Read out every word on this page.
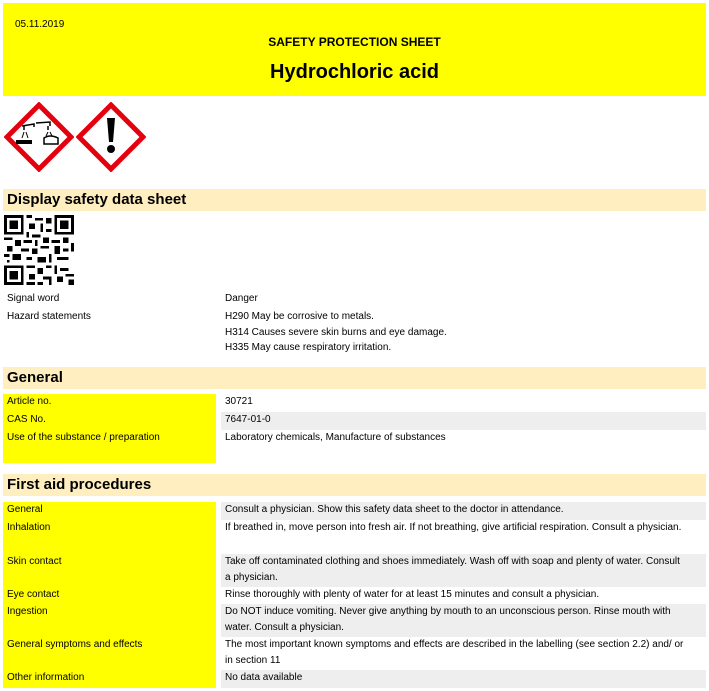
05.11.2019
SAFETY PROTECTION SHEET
Hydrochloric acid
Display safety data sheet
Signal word	Danger
Hazard statements	H290 May be corrosive to metals.
H314 Causes severe skin burns and eye damage.
H335 May cause respiratory irritation.
General
Article no.	30721
CAS No.	7647-01-0
Use of the substance / preparation	Laboratory chemicals, Manufacture of substances
First aid procedures
General	Consult a physician. Show this safety data sheet to the doctor in attendance.
Inhalation	If breathed in, move person into fresh air. If not breathing, give artificial respiration. Consult a physician.
Skin contact	Take off contaminated clothing and shoes immediately. Wash off with soap and plenty of water. Consult a physician.
Eye contact	Rinse thoroughly with plenty of water for at least 15 minutes and consult a physician.
Ingestion	Do NOT induce vomiting. Never give anything by mouth to an unconscious person. Rinse mouth with water. Consult a physician.
General symptoms and effects	The most important known symptoms and effects are described in the labelling (see section 2.2) and/ or in section 11
Other information	No data available
